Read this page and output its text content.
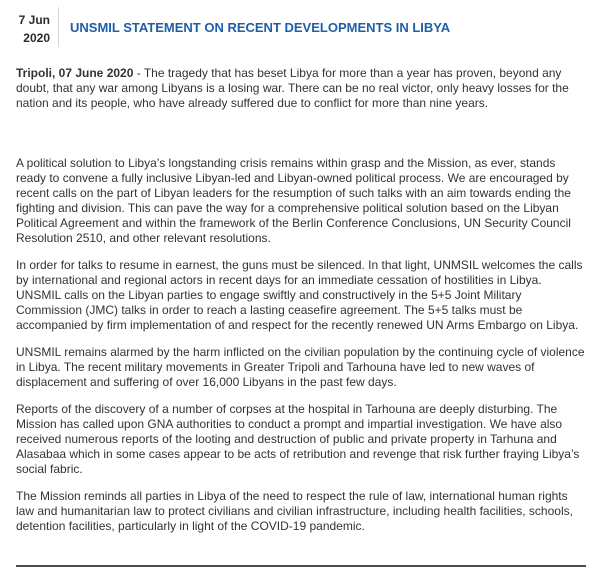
7 Jun
2020
UNSMIL STATEMENT ON RECENT DEVELOPMENTS IN LIBYA

Tripoli, 07 June 2020 - The tragedy that has beset Libya for more than a year has proven, beyond any doubt, that any war among Libyans is a losing war. There can be no real victor, only heavy losses for the nation and its people, who have already suffered due to conflict for more than nine years.

A political solution to Libya’s longstanding crisis remains within grasp and the Mission, as ever, stands ready to convene a fully inclusive Libyan-led and Libyan-owned political process. We are encouraged by recent calls on the part of Libyan leaders for the resumption of such talks with an aim towards ending the fighting and division. This can pave the way for a comprehensive political solution based on the Libyan Political Agreement and within the framework of the Berlin Conference Conclusions, UN Security Council Resolution 2510, and other relevant resolutions.

In order for talks to resume in earnest, the guns must be silenced. In that light, UNMSIL welcomes the calls by international and regional actors in recent days for an immediate cessation of hostilities in Libya. UNSMIL calls on the Libyan parties to engage swiftly and constructively in the 5+5 Joint Military Commission (JMC) talks in order to reach a lasting ceasefire agreement. The 5+5 talks must be accompanied by firm implementation of and respect for the recently renewed UN Arms Embargo on Libya.

UNSMIL remains alarmed by the harm inflicted on the civilian population by the continuing cycle of violence in Libya. The recent military movements in Greater Tripoli and Tarhouna have led to new waves of displacement and suffering of over 16,000 Libyans in the past few days.

Reports of the discovery of a number of corpses at the hospital in Tarhouna are deeply disturbing. The Mission has called upon GNA authorities to conduct a prompt and impartial investigation. We have also received numerous reports of the looting and destruction of public and private property in Tarhuna and Alasabaa which in some cases appear to be acts of retribution and revenge that risk further fraying Libya’s social fabric.

The Mission reminds all parties in Libya of the need to respect the rule of law, international human rights law and humanitarian law to protect civilians and civilian infrastructure, including health facilities, schools, detention facilities, particularly in light of the COVID-19 pandemic.
